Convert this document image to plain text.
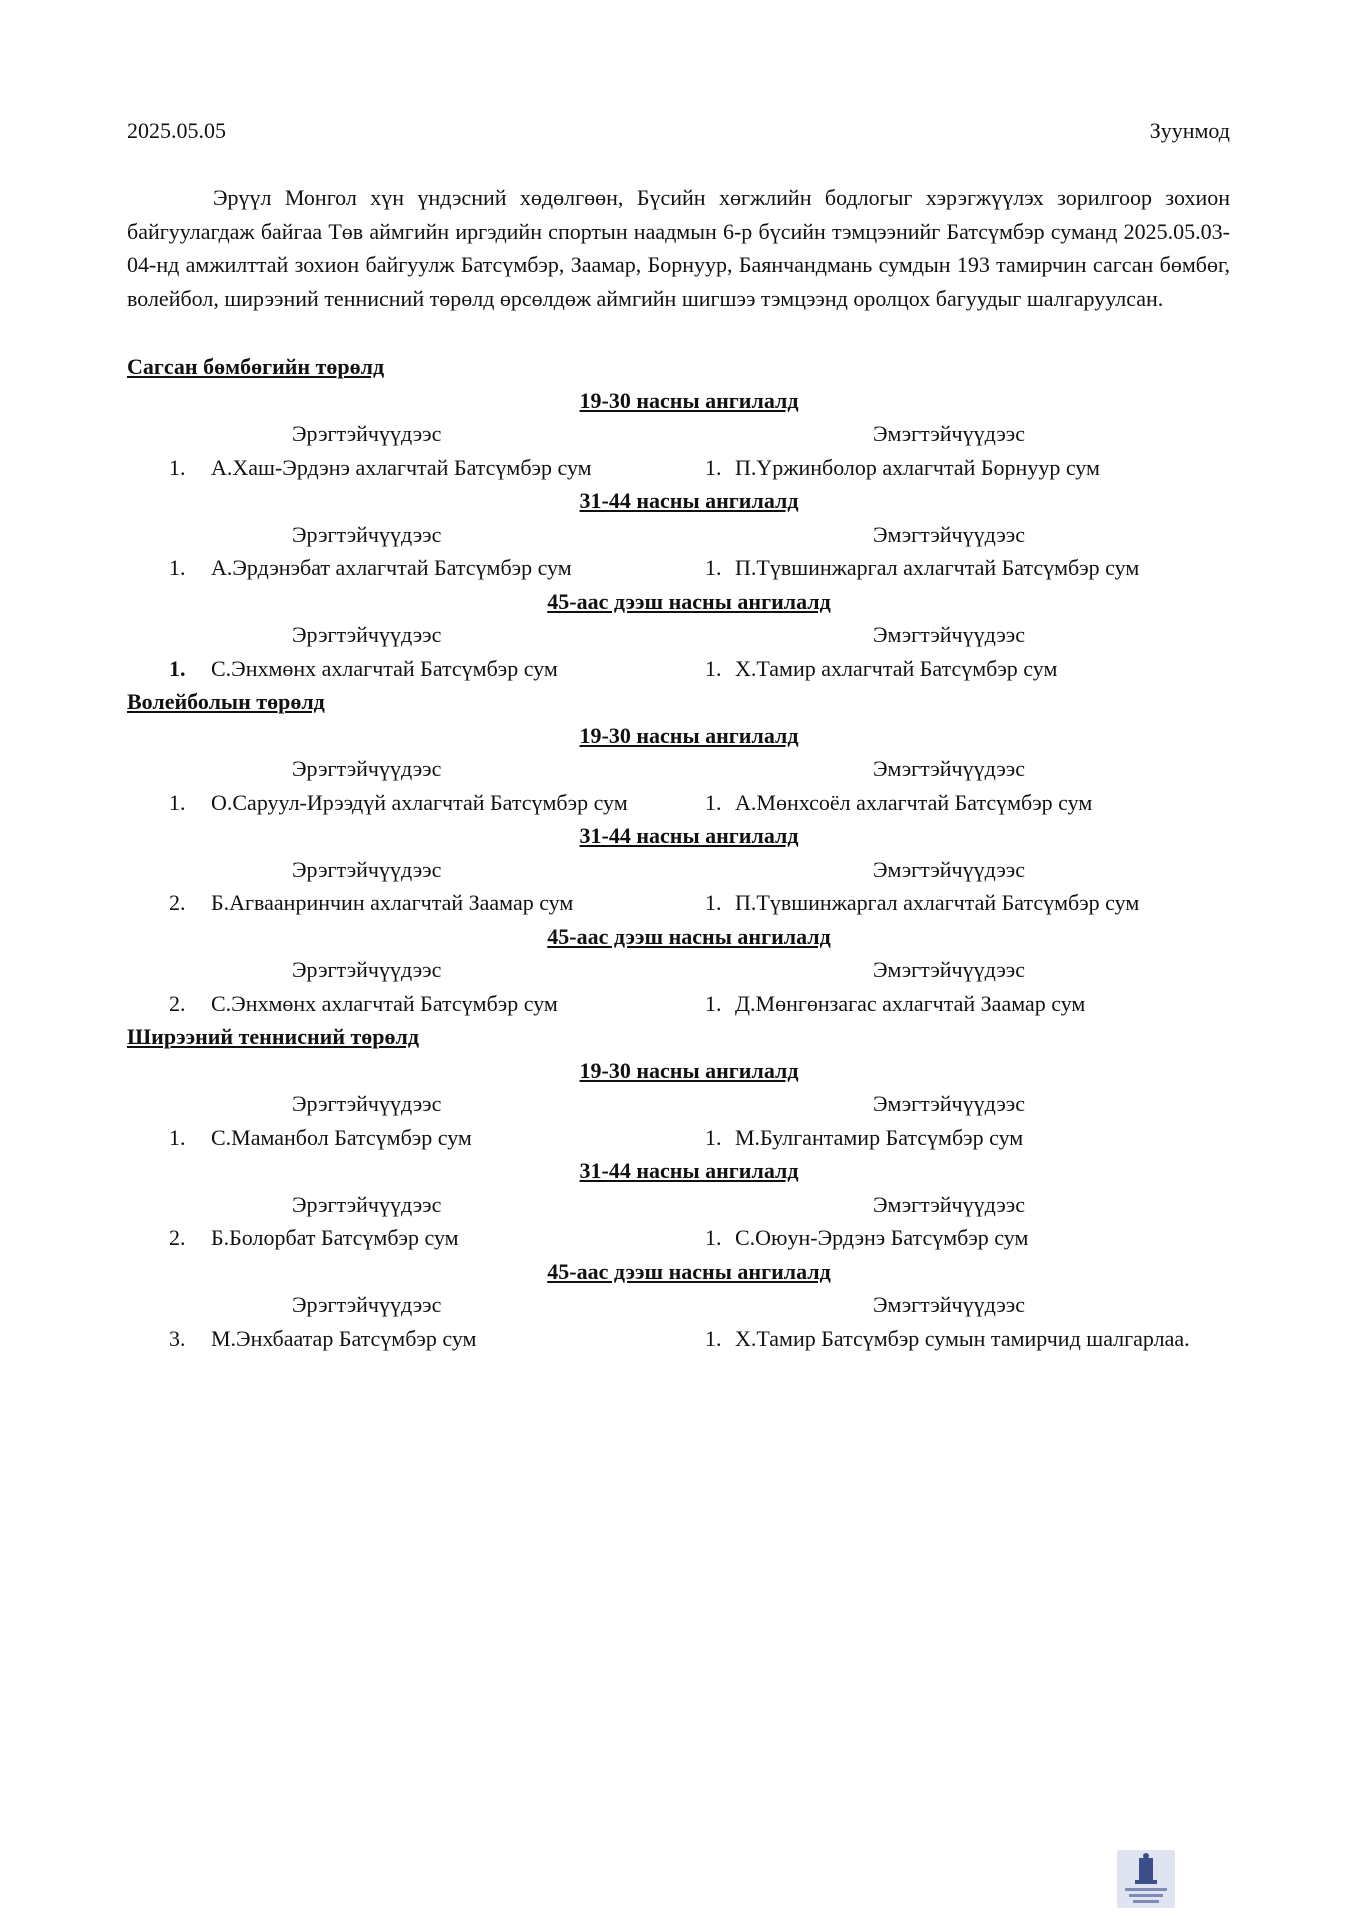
2025.05.05	Зуунмод

Эрүүл Монгол хүн үндэсний хөдөлгөөн, Бүсийн хөгжлийн бодлогыг хэрэгжүүлэх зорилгоор зохион байгуулагдаж байгаа Төв аймгийн иргэдийн спортын наадмын 6-р бүсийн тэмцээнийг Батсүмбэр суманд 2025.05.03-04-нд амжилттай зохион байгуулж Батсүмбэр, Заамар, Борнуур, Баянчандмань сумдын 193 тамирчин сагсан бөмбөг, волейбол, ширээний теннисний төрөлд өрсөлдөж аймгийн шигшээ тэмцээнд оролцох багуудыг шалгаруулсан.

Сагсан бөмбөгийн төрөлд
19-30 насны ангилалд
Эрэгтэйчүүдээс	Эмэгтэйчүүдээс
1. А.Хаш-Эрдэнэ ахлагчтай Батсүмбэр сум	1. П.Үржинболор ахлагчтай Борнуур сум
31-44 насны ангилалд
Эрэгтэйчүүдээс	Эмэгтэйчүүдээс
1. А.Эрдэнэбат ахлагчтай Батсүмбэр сум	1. П.Түвшинжаргал ахлагчтай Батсүмбэр сум
45-аас дээш насны ангилалд
Эрэгтэйчүүдээс	Эмэгтэйчүүдээс
1. С.Энхмөнх ахлагчтай Батсүмбэр сум	1. Х.Тамир ахлагчтай Батсүмбэр сум
Волейболын төрөлд
19-30 насны ангилалд
Эрэгтэйчүүдээс	Эмэгтэйчүүдээс
1. О.Саруул-Ирээдүй ахлагчтай Батсүмбэр сум	1. А.Мөнхсоёл ахлагчтай Батсүмбэр сум
31-44 насны ангилалд
Эрэгтэйчүүдээс	Эмэгтэйчүүдээс
2. Б.Агваанринчин ахлагчтай Заамар сум	1. П.Түвшинжаргал ахлагчтай Батсүмбэр сум
45-аас дээш насны ангилалд
Эрэгтэйчүүдээс	Эмэгтэйчүүдээс
2. С.Энхмөнх ахлагчтай Батсүмбэр сум	1. Д.Мөнгөнзагас ахлагчтай Заамар сум
Ширээний теннисний төрөлд
19-30 насны ангилалд
Эрэгтэйчүүдээс	Эмэгтэйчүүдээс
1. С.Маманбол Батсүмбэр сум	1. М.Булгантамир Батсүмбэр сум
31-44 насны ангилалд
Эрэгтэйчүүдээс	Эмэгтэйчүүдээс
2. Б.Болорбат Батсүмбэр сум	1. С.Оюун-Эрдэнэ Батсүмбэр сум
45-аас дээш насны ангилалд
Эрэгтэйчүүдээс	Эмэгтэйчүүдээс
3. М.Энхбаатар Батсүмбэр сум	1. Х.Тамир Батсүмбэр сумын тамирчид шалгарлаа.
